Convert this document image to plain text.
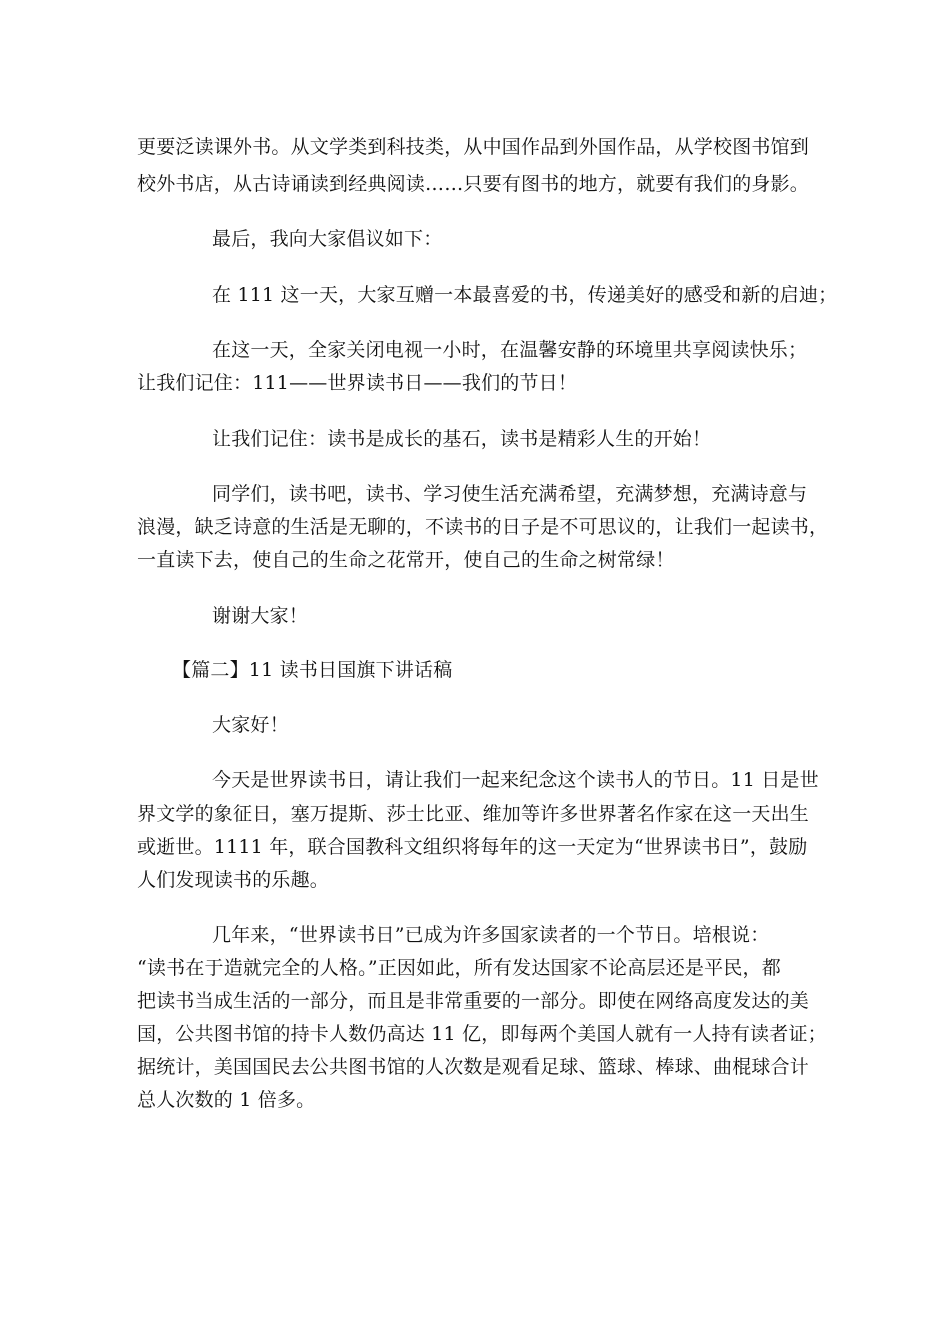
更要泛读课外书。从文学类到科技类，从中国作品到外国作品，从学校图书馆到
校外书店，从古诗诵读到经典阅读……只要有图书的地方，就要有我们的身影。
最后，我向大家倡议如下：
在 111 这一天，大家互赠一本最喜爱的书，传递美好的感受和新的启迪；
在这一天，全家关闭电视一小时，在温馨安静的环境里共享阅读快乐；
让我们记住：111——世界读书日——我们的节日！
让我们记住：读书是成长的基石，读书是精彩人生的开始！
同学们，读书吧，读书、学习使生活充满希望，充满梦想，充满诗意与
浪漫，缺乏诗意的生活是无聊的，不读书的日子是不可思议的，让我们一起读书，
一直读下去，使自己的生命之花常开，使自己的生命之树常绿！
谢谢大家！
【篇二】11 读书日国旗下讲话稿
大家好！
今天是世界读书日，请让我们一起来纪念这个读书人的节日。11 日是世
界文学的象征日，塞万提斯、莎士比亚、维加等许多世界著名作家在这一天出生
或逝世。1111 年，联合国教科文组织将每年的这一天定为“世界读书日”，鼓励
人们发现读书的乐趣。
几年来，“世界读书日”已成为许多国家读者的一个节日。培根说：
“读书在于造就完全的人格。”正因如此，所有发达国家不论高层还是平民，都
把读书当成生活的一部分，而且是非常重要的一部分。即使在网络高度发达的美
国，公共图书馆的持卡人数仍高达 11 亿，即每两个美国人就有一人持有读者证；
据统计，美国国民去公共图书馆的人次数是观看足球、篮球、棒球、曲棍球合计
总人次数的 1 倍多。
